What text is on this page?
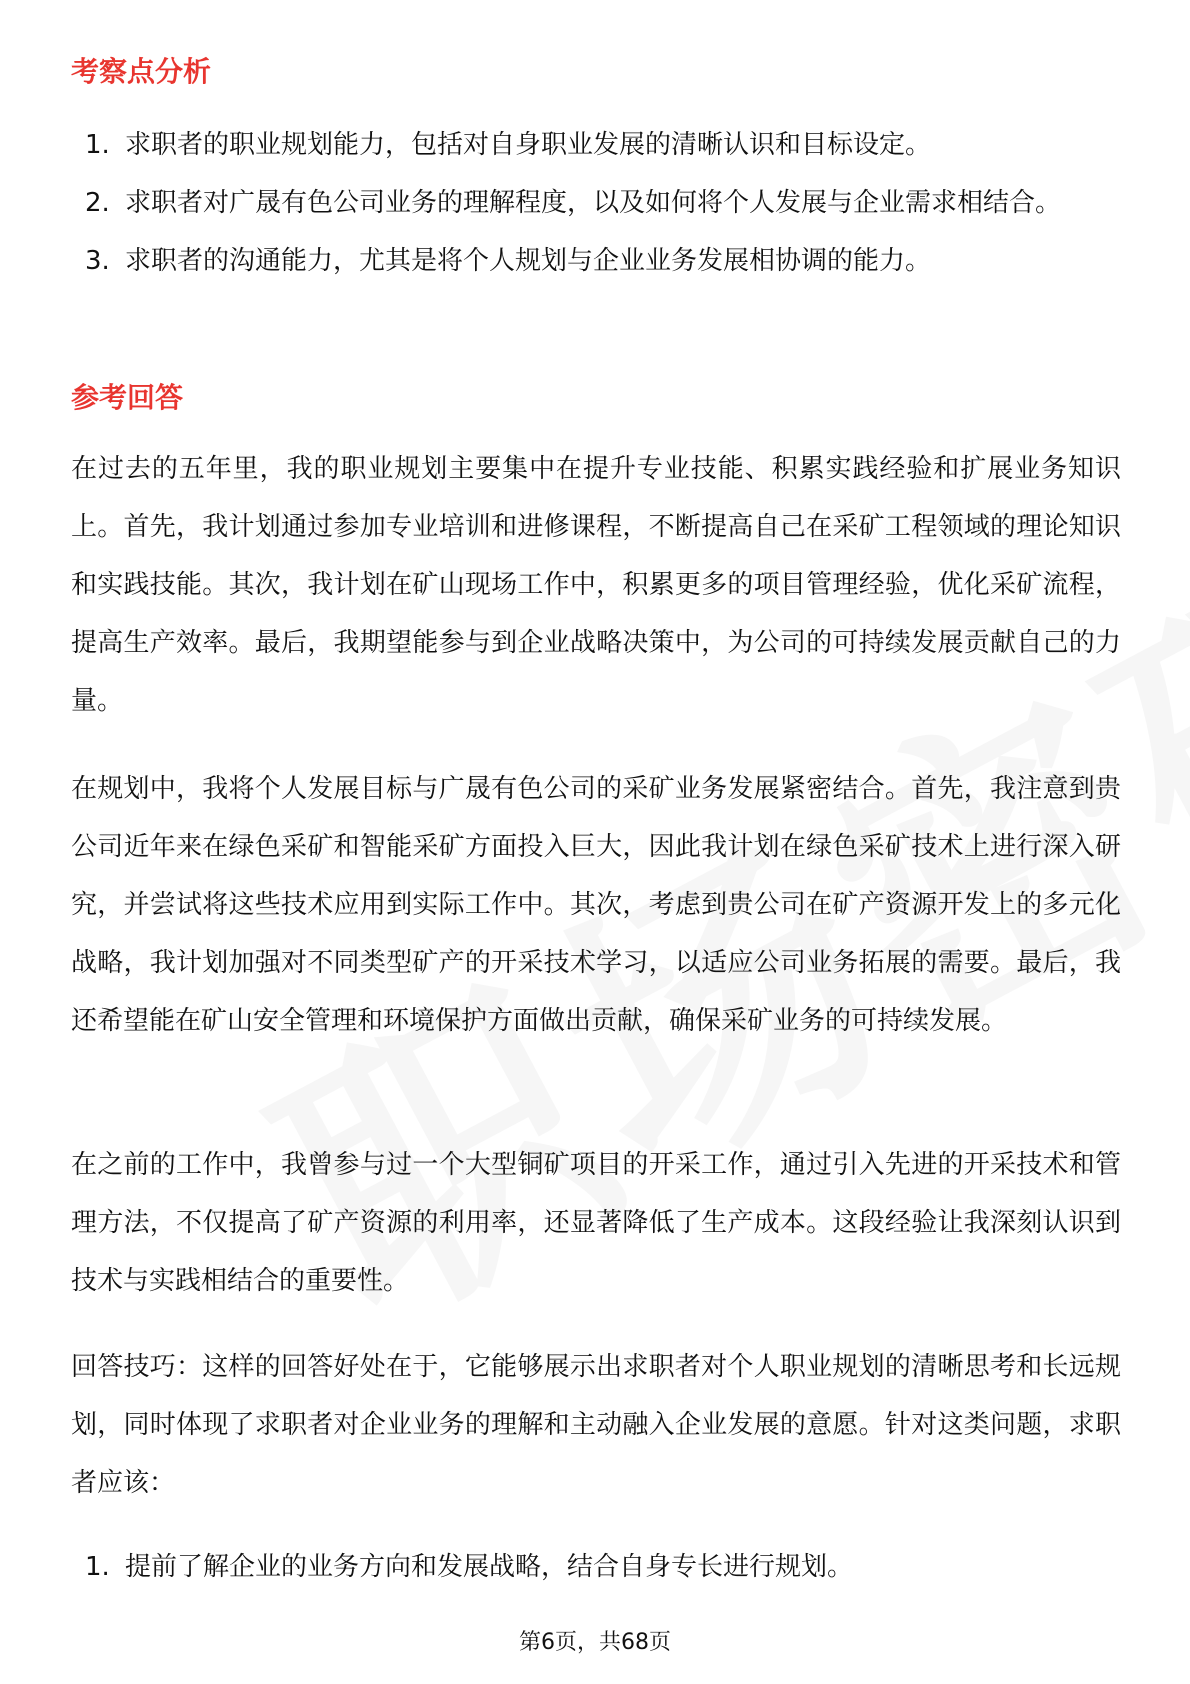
考察点分析
1. 求职者的职业规划能力，包括对自身职业发展的清晰认识和目标设定。
2. 求职者对广晟有色公司业务的理解程度，以及如何将个人发展与企业需求相结合。
3. 求职者的沟通能力，尤其是将个人规划与企业业务发展相协调的能力。
参考回答

在过去的五年里，我的职业规划主要集中在提升专业技能、积累实践经验和扩展业务知识上。首先，我计划通过参加专业培训和进修课程，不断提高自己在采矿工程领域的理论知识和实践技能。其次，我计划在矿山现场工作中，积累更多的项目管理经验，优化采矿流程，提高生产效率。最后，我期望能参与到企业战略决策中，为公司的可持续发展贡献自己的力量。

在规划中，我将个人发展目标与广晟有色公司的采矿业务发展紧密结合。首先，我注意到贵公司近年来在绿色采矿和智能采矿方面投入巨大，因此我计划在绿色采矿技术上进行深入研究，并尝试将这些技术应用到实际工作中。其次，考虑到贵公司在矿产资源开发上的多元化战略，我计划加强对不同类型矿产的开采技术学习，以适应公司业务拓展的需要。最后，我还希望能在矿山安全管理和环境保护方面做出贡献，确保采矿业务的可持续发展。

在之前的工作中，我曾参与过一个大型铜矿项目的开采工作，通过引入先进的开采技术和管理方法，不仅提高了矿产资源的利用率，还显著降低了生产成本。这段经验让我深刻认识到技术与实践相结合的重要性。

回答技巧：这样的回答好处在于，它能够展示出求职者对个人职业规划的清晰思考和长远规划，同时体现了求职者对企业业务的理解和主动融入企业发展的意愿。针对这类问题，求职者应该：

1. 提前了解企业的业务方向和发展战略，结合自身专长进行规划。
第6页，共68页
